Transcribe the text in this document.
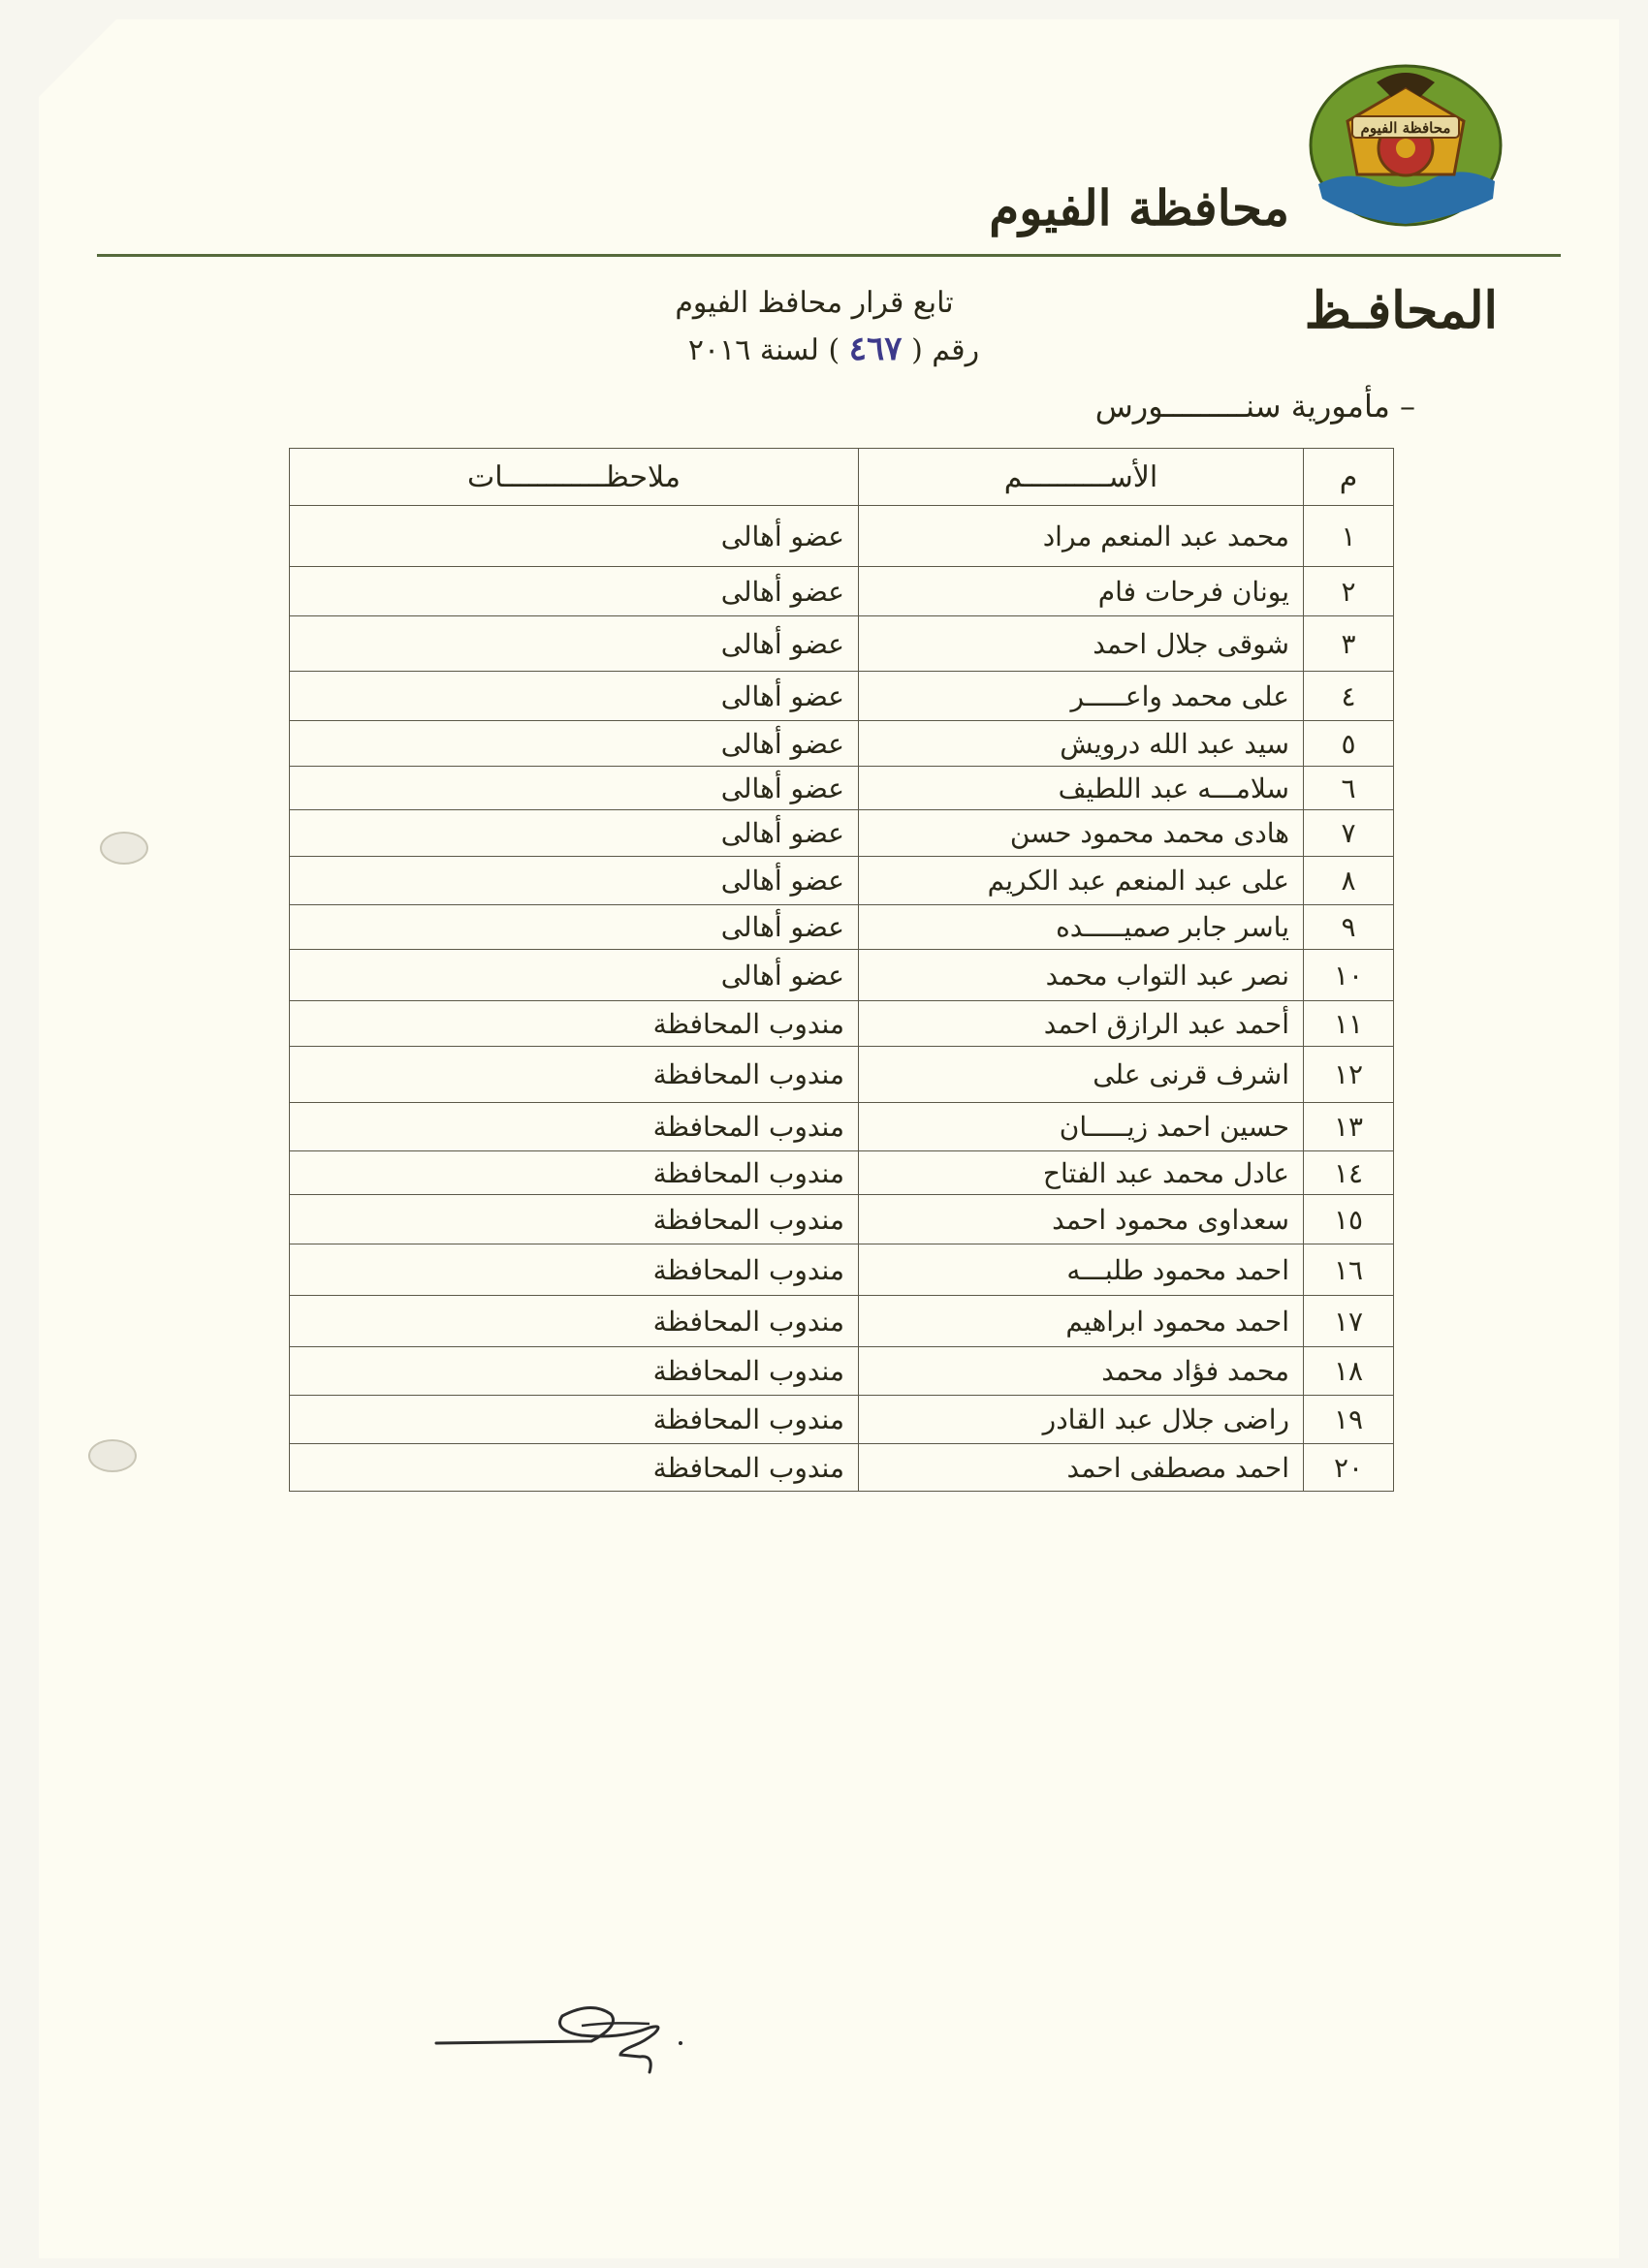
محافظة الفيوم
محافظة الفيوم
المحافـظ
تابع قرار محافظ الفيوم
رقم ( ٤٦٧ ) لسنة ٢٠١٦
– مأمورية سنـــــــــورس
م	الأســــــــــم	ملاحظــــــــــــات
١	محمد عبد المنعم مراد	عضو أهالى
٢	يونان فرحات فام	عضو أهالى
٣	شوقى جلال احمد	عضو أهالى
٤	على محمد واعـــــر	عضو أهالى
٥	سيد عبد الله درويش	عضو أهالى
٦	سلامـــه عبد اللطيف	عضو أهالى
٧	هادى محمد محمود حسن	عضو أهالى
٨	على عبد المنعم عبد الكريم	عضو أهالى
٩	ياسر جابر صميـــــده	عضو أهالى
١٠	نصر عبد التواب محمد	عضو أهالى
١١	أحمد عبد الرازق احمد	مندوب المحافظة
١٢	اشرف قرنى على	مندوب المحافظة
١٣	حسين احمد زيـــــان	مندوب المحافظة
١٤	عادل محمد عبد الفتاح	مندوب المحافظة
١٥	سعداوى محمود احمد	مندوب المحافظة
١٦	احمد محمود طلبـــه	مندوب المحافظة
١٧	احمد محمود ابراهيم	مندوب المحافظة
١٨	محمد فؤاد محمد	مندوب المحافظة
١٩	راضى جلال عبد القادر	مندوب المحافظة
٢٠	احمد مصطفى احمد	مندوب المحافظة
